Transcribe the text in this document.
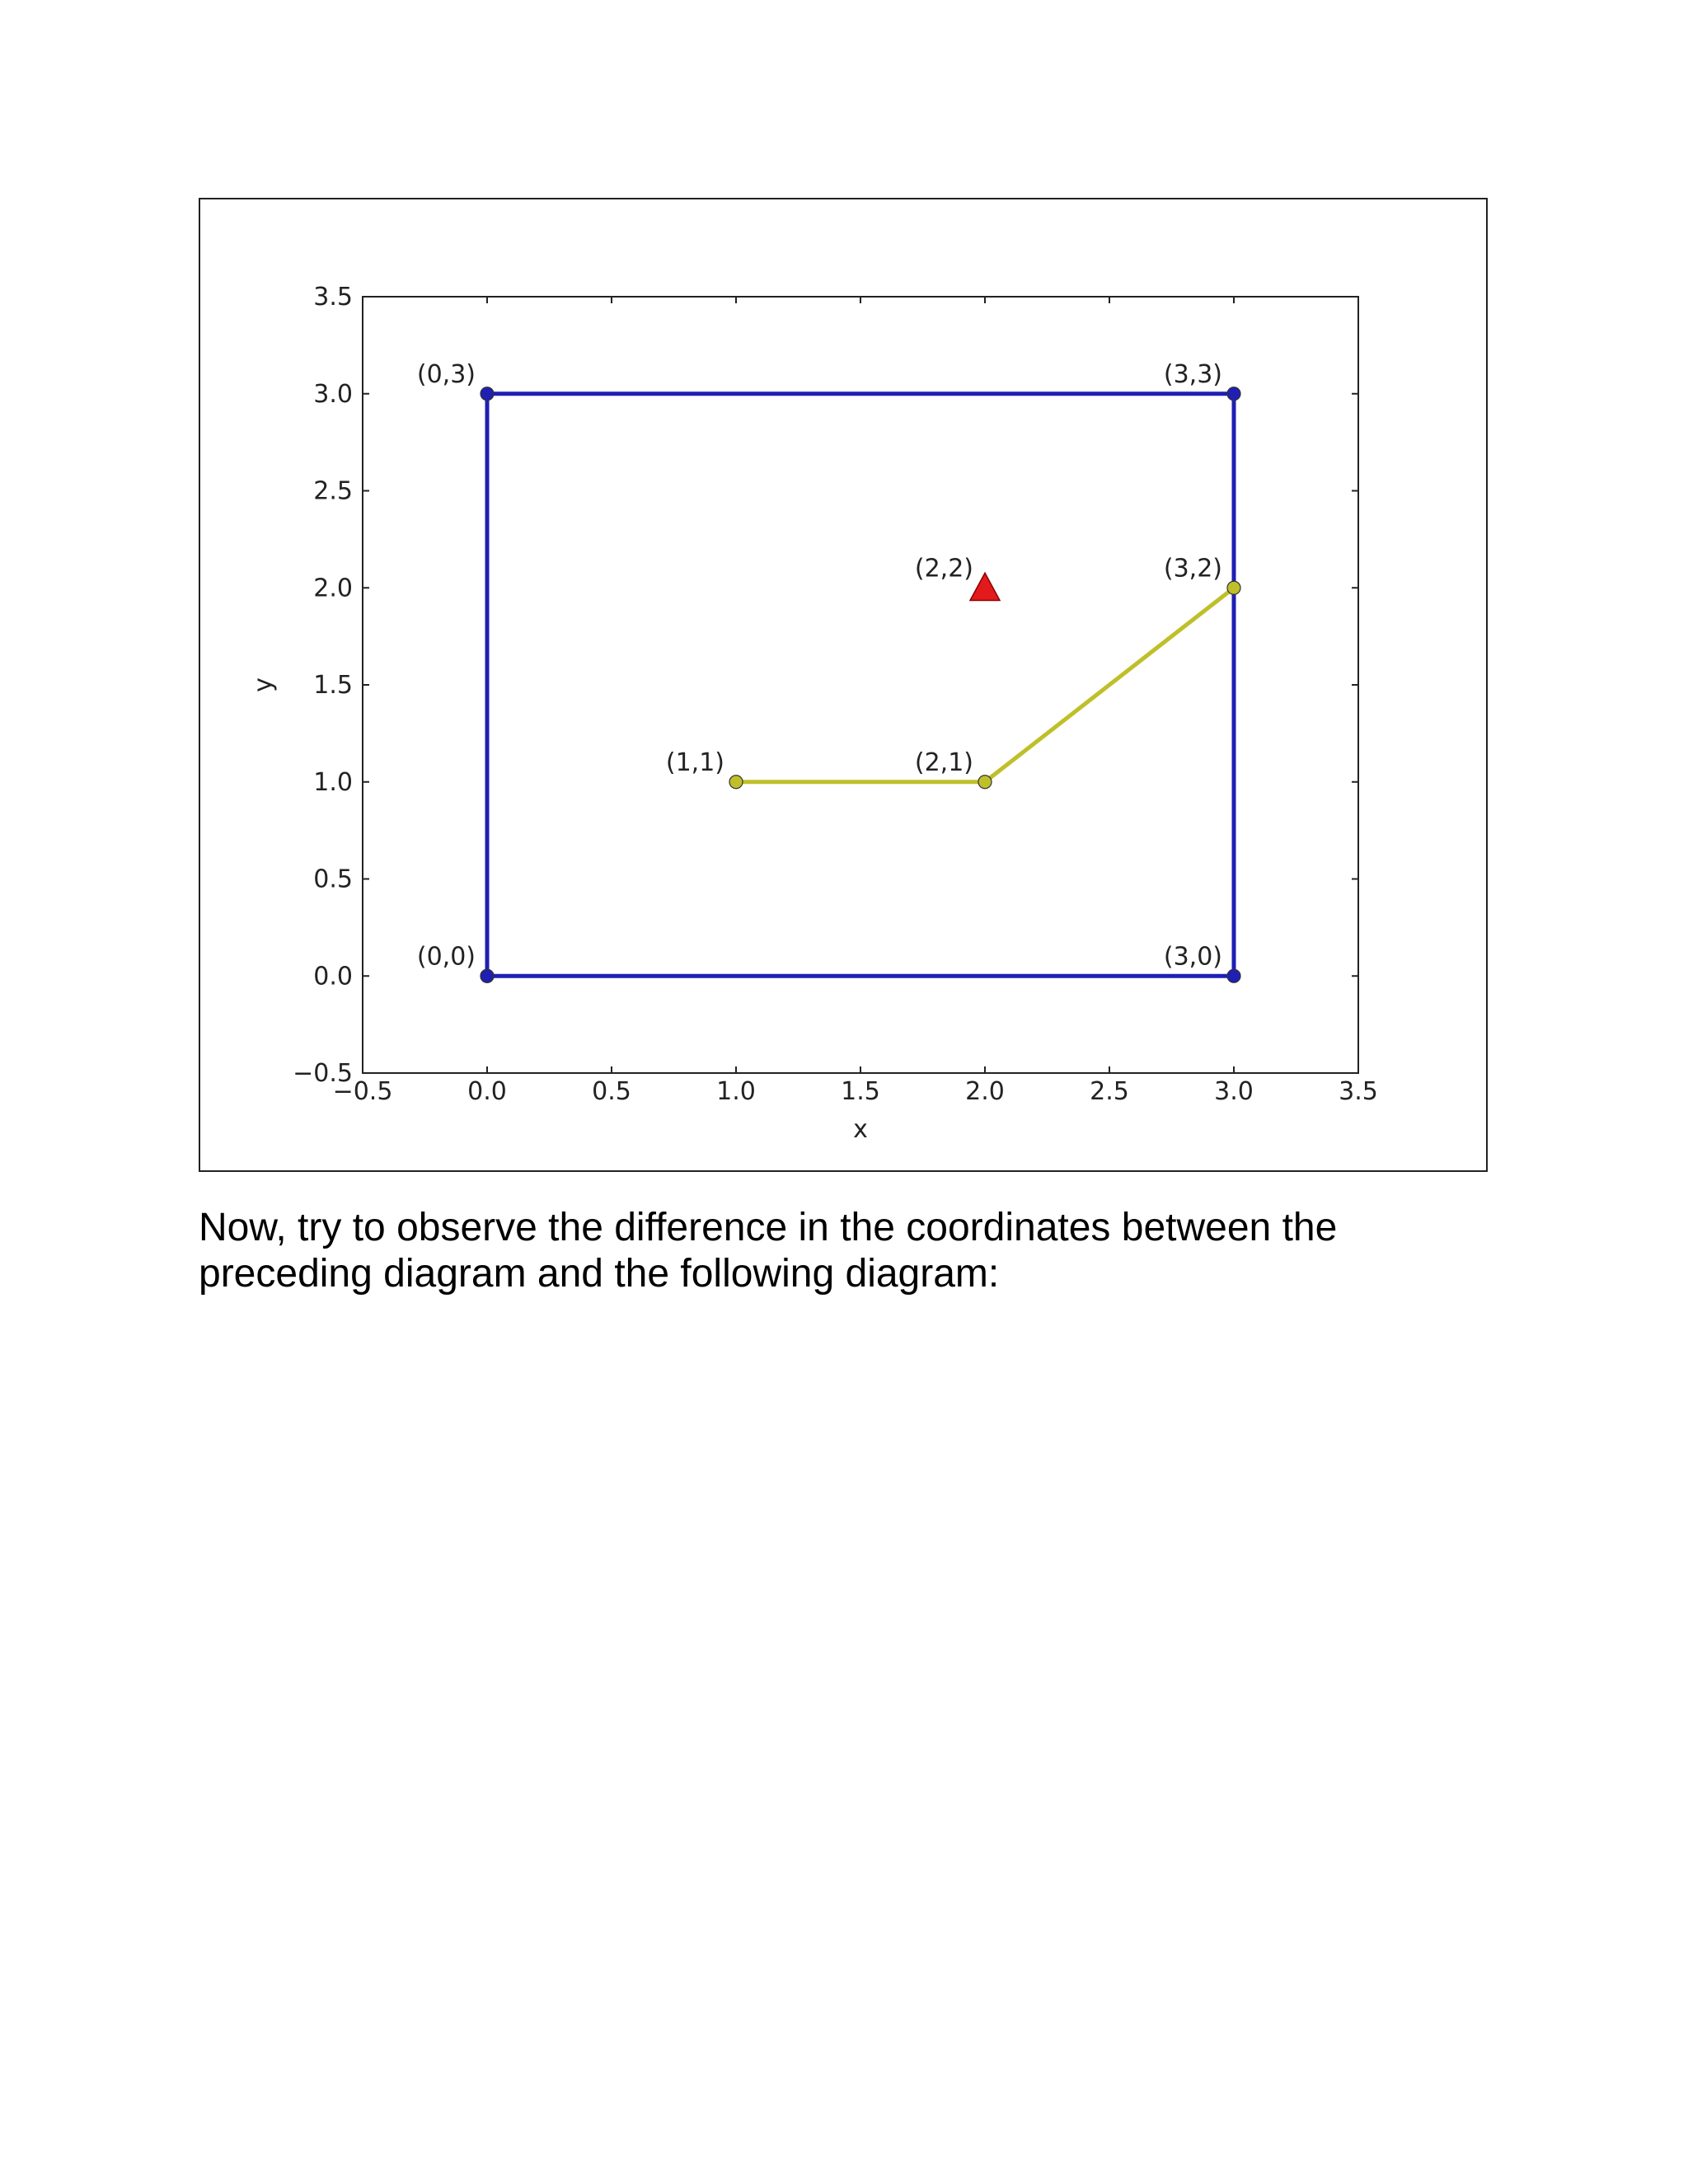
−0.5	0.0	0.5	1.0	1.5	2.0	2.5	3.0	3.5
−0.5
0.0
0.5
1.0
1.5
2.0
2.5
3.0
3.5
(0,0)	(3,0)
(0,3)	(3,3)
(1,1)	(2,1)
(2,2)	(3,2)
x
y

Now, try to observe the difference in the coordinates between the
preceding diagram and the following diagram:
